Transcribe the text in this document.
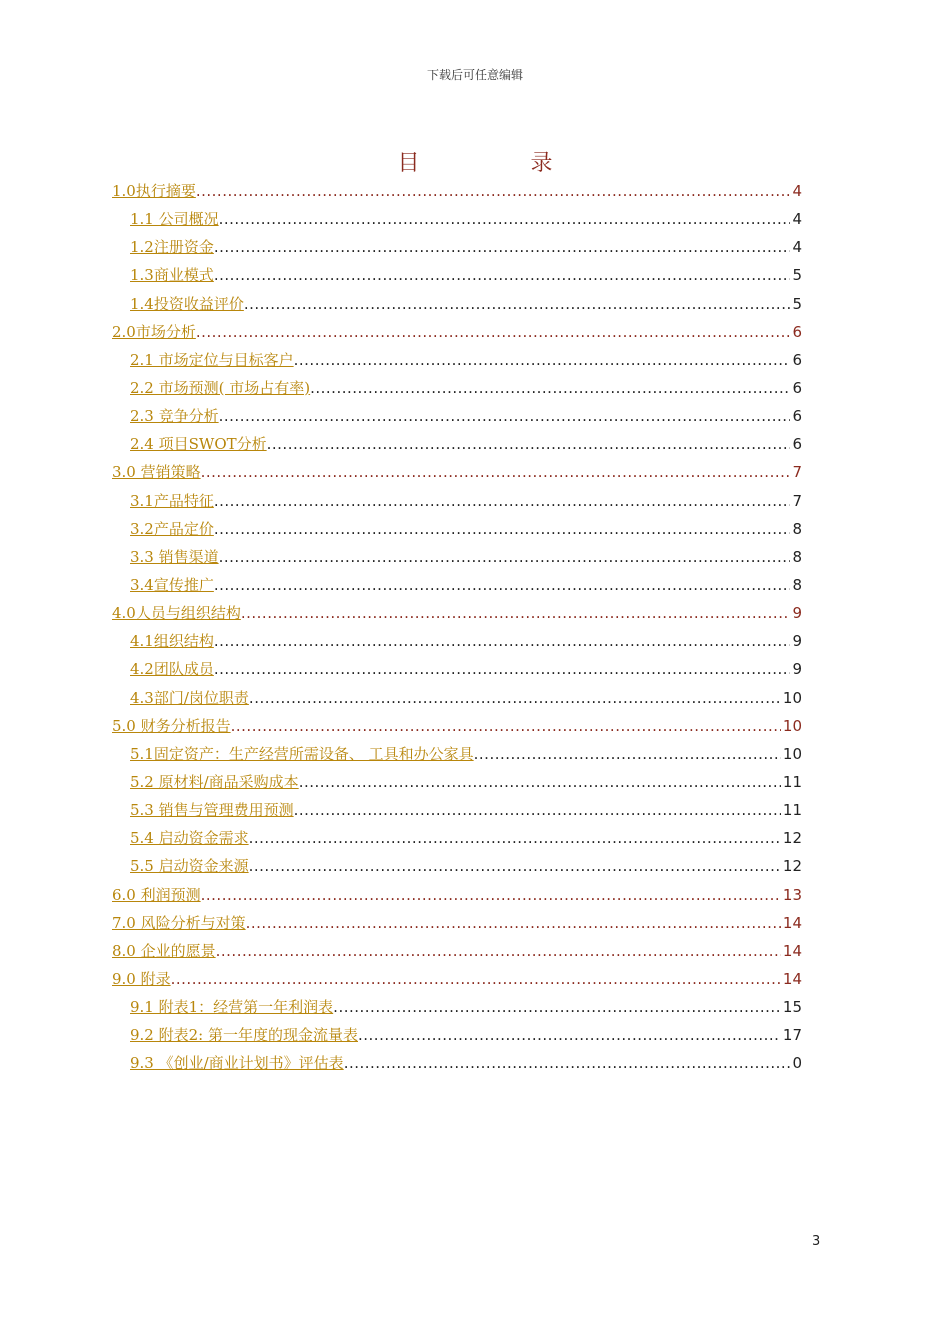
下载后可任意编辑
目 录
1.0执行摘要 .....	4
1.1 公司概况 .....	4
1.2注册资金 .....	4
1.3商业模式 .....	5
1.4投资收益评价 .....	5
2.0市场分析 .....	6
2.1 市场定位与目标客户 .....	6
2.2 市场预测( 市场占有率) .....	6
2.3 竞争分析 .....	6
2.4 项目SWOT分析 .....	6
3.0 营销策略 .....	7
3.1产品特征 .....	7
3.2产品定价 .....	8
3.3 销售渠道 .....	8
3.4宣传推广 .....	8
4.0人员与组织结构 .....	9
4.1组织结构 .....	9
4.2团队成员 .....	9
4.3部门/岗位职责 .....	10
5.0 财务分析报告 .....	10
5.1固定资产：生产经营所需设备、 工具和办公家具 .....	10
5.2 原材料/商品采购成本 .....	11
5.3 销售与管理费用预测 .....	11
5.4 启动资金需求 .....	12
5.5 启动资金来源 .....	12
6.0 利润预测 .....	13
7.0 风险分析与对策 .....	14
8.0 企业的愿景 .....	14
9.0 附录 .....	14
9.1 附表1：经营第一年利润表 .....	15
9.2 附表2: 第一年度的现金流量表 .....	17
9.3 《创业/商业计划书》评估表 .....	0
3
